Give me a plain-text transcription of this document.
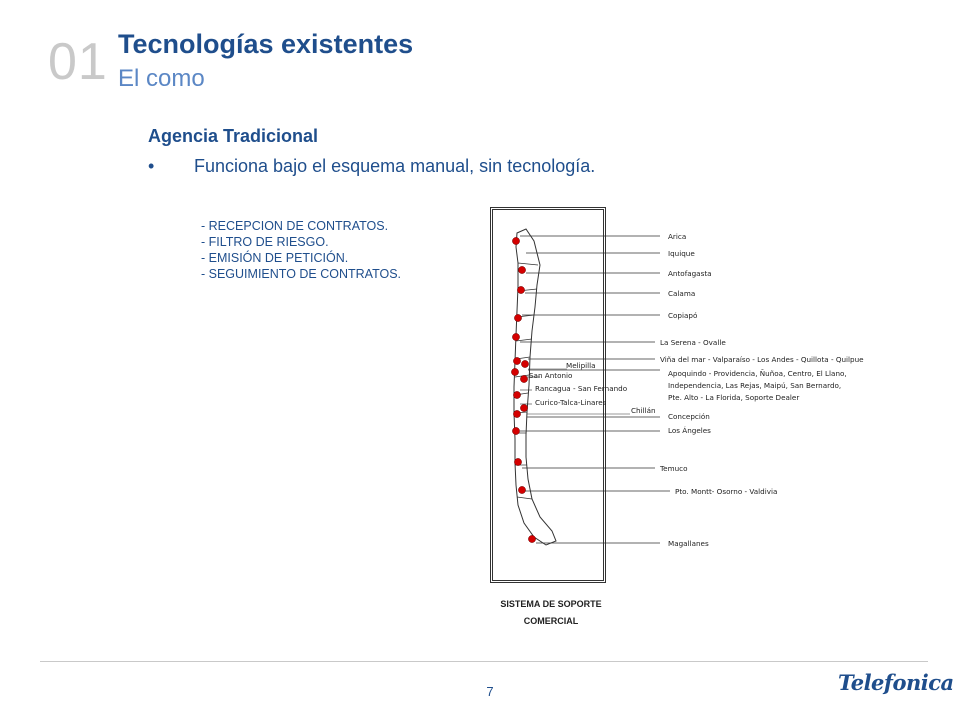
01 Tecnologías existentes
El como
Agencia Tradicional
• Funciona bajo el esquema manual, sin tecnología.
- RECEPCION DE CONTRATOS.
- FILTRO DE RIESGO.
- EMISIÓN DE PETICIÓN.
- SEGUIMIENTO DE CONTRATOS.
Arica
Iquique
Antofagasta
Calama
Copiapó
La Serena - Ovalle
Viña del mar - Valparaíso - Los Andes - Quillota - Quilpue
Apoquindo - Providencia, Ñuñoa, Centro, El Llano,
Independencia, Las Rejas, Maipú, San Bernardo,
Pte. Alto - La Florida, Soporte Dealer
Concepción
Los Ángeles
Temuco
Pto. Montt- Osorno - Valdivia
Magallanes
Melipilla
San Antonio
Rancagua - San Fernando
Curico-Talca-Linares
Chillán
SISTEMA DE SOPORTE
COMERCIAL
7	Telefonica
